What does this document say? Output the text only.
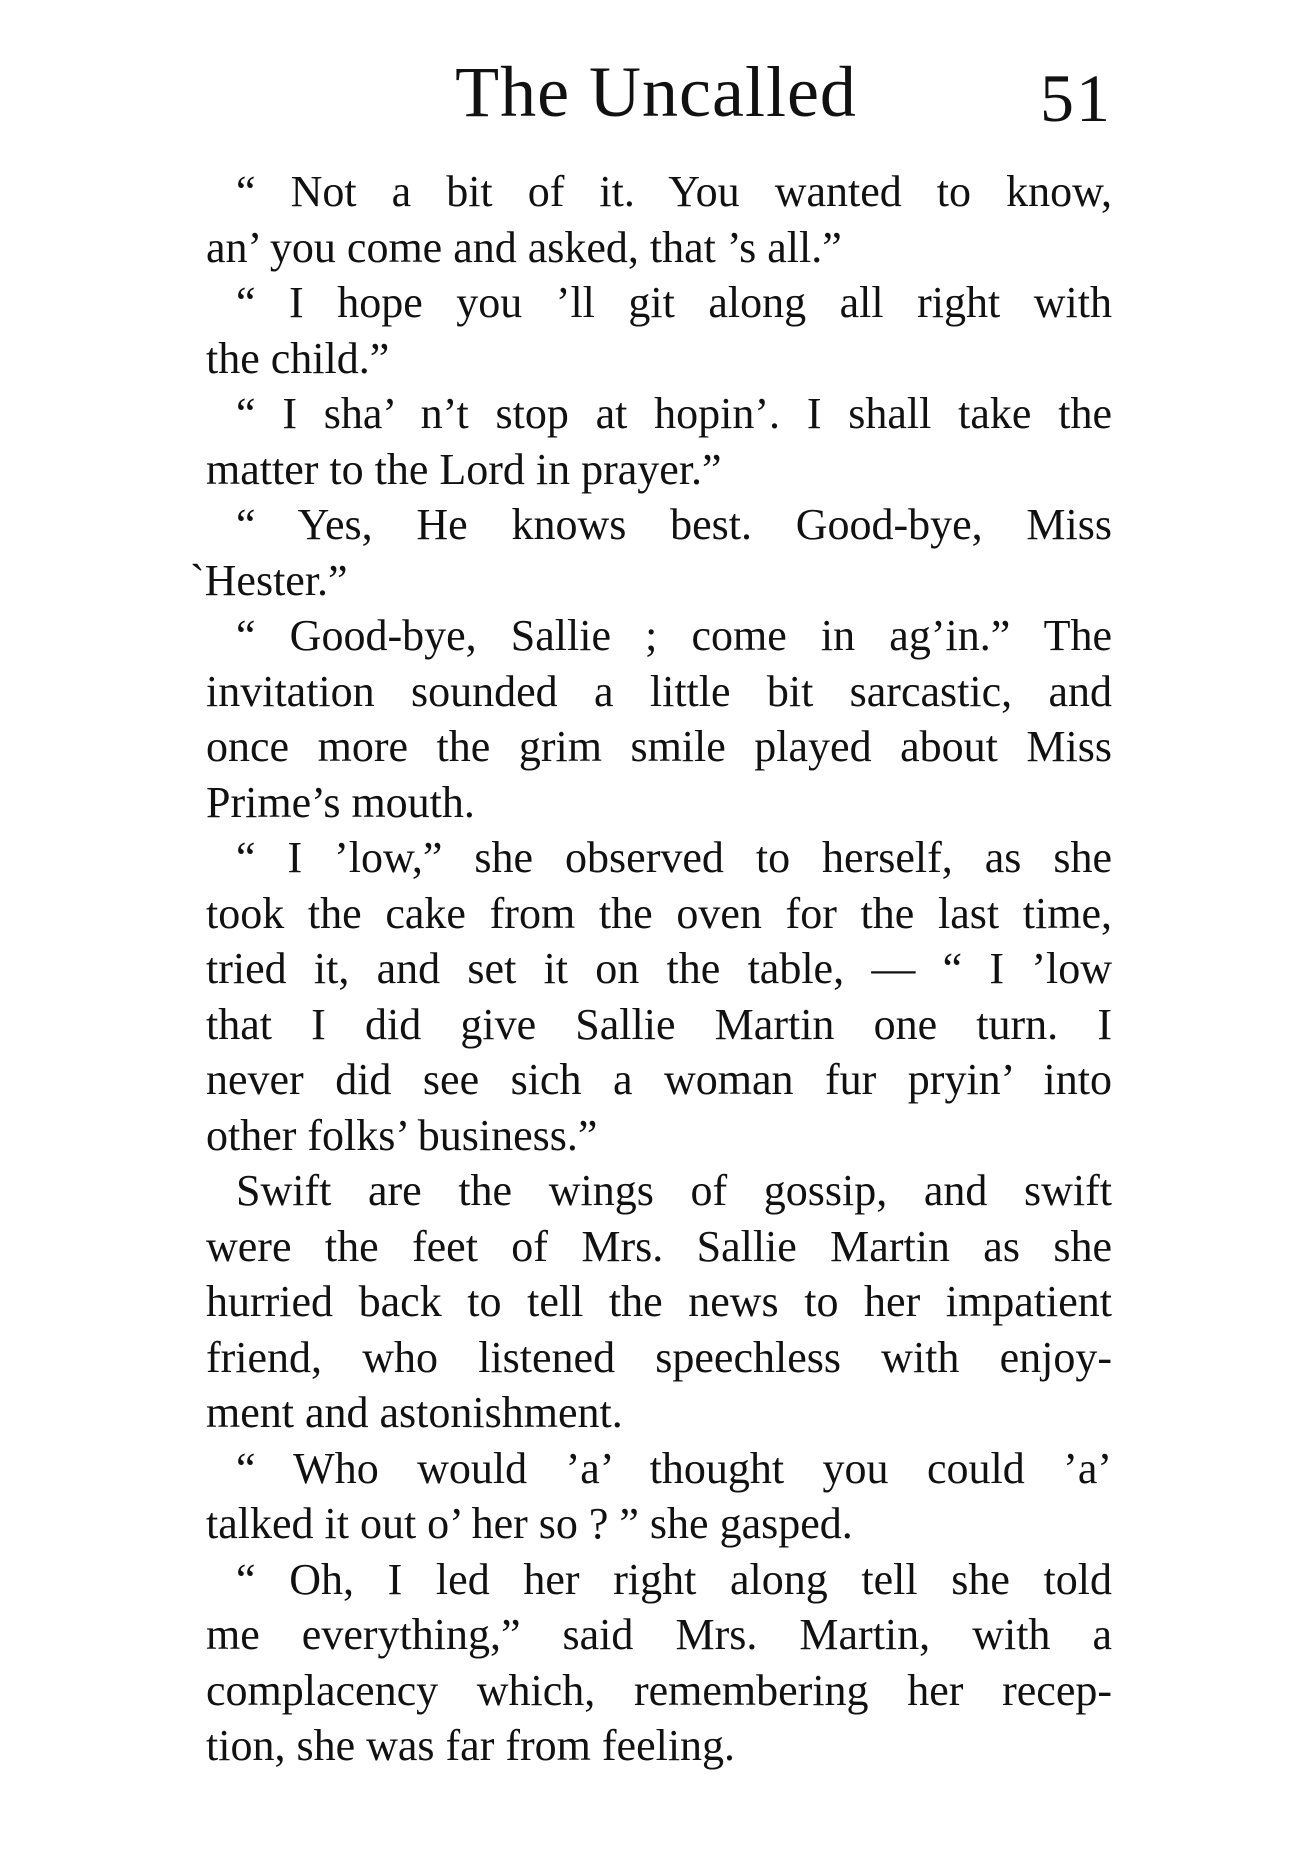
The Uncalled	51
“ Not a bit of it. You wanted to know,
an’ you come and asked, that ’s all.”
“ I hope you ’ll git along all right with
the child.”
“ I sha’ n’t stop at hopin’. I shall take the
matter to the Lord in prayer.”
“ Yes, He knows best. Good-bye, Miss
`Hester.”
“ Good-bye, Sallie ; come in ag’in.” The
invitation sounded a little bit sarcastic, and
once more the grim smile played about Miss
Prime’s mouth.
“ I ’low,” she observed to herself, as she
took the cake from the oven for the last time,
tried it, and set it on the table, — “ I ’low
that I did give Sallie Martin one turn. I
never did see sich a woman fur pryin’ into
other folks’ business.”
Swift are the wings of gossip, and swift
were the feet of Mrs. Sallie Martin as she
hurried back to tell the news to her impatient
friend, who listened speechless with enjoy-
ment and astonishment.
“ Who would ’a’ thought you could ’a’
talked it out o’ her so ? ” she gasped.
“ Oh, I led her right along tell she told
me everything,” said Mrs. Martin, with a
complacency which, remembering her recep-
tion, she was far from feeling.
